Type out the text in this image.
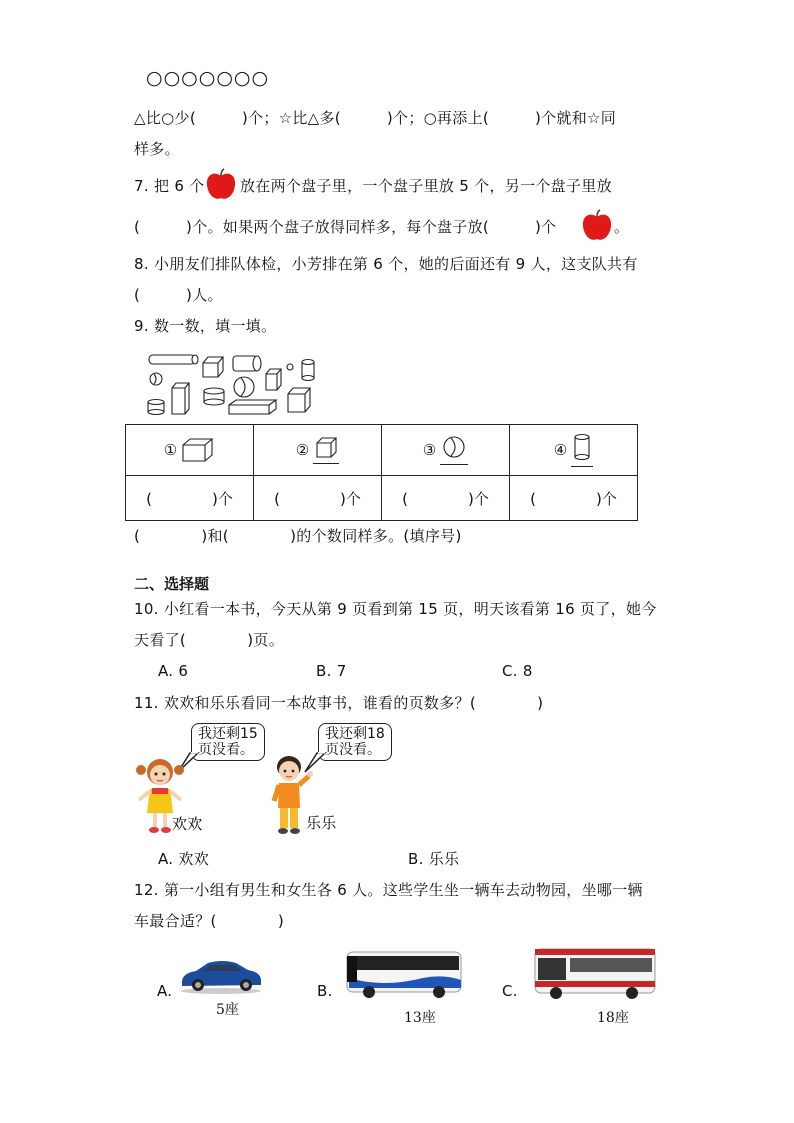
○○○○○○○
△比○少(　　　)个；☆比△多(　　　)个；○再添上(　　　)个就和☆同
样多。
7. 把 6 个 放在两个盘子里，一个盘子里放 5 个，另一个盘子里放
(　　　)个。如果两个盘子放得同样多，每个盘子放(　　　)个	。
8. 小朋友们排队体检，小芳排在第 6 个，她的后面还有 9 人，这支队共有
(　　　)人。
9. 数一数，填一填。
①	②	③	④

(　　　　)个	(　　　　)个	(　　　　)个	(　　　　)个
(　　　　)和(　　　　)的个数同样多。(填序号)
二、选择题
10. 小红看一本书，今天从第 9 页看到第 15 页，明天该看第 16 页了，她今
天看了(　　　　)页。
A. 6	B. 7	C. 8
11. 欢欢和乐乐看同一本故事书，谁看的页数多？(　　　　)
我还剩15
页没看。
我还剩18
页没看。
欢欢	乐乐
A. 欢欢	B. 乐乐
12. 第一小组有男生和女生各 6 人。这些学生坐一辆车去动物园，坐哪一辆
车最合适？(　　　　)
A.
5座
B.
13座
C.
18座
